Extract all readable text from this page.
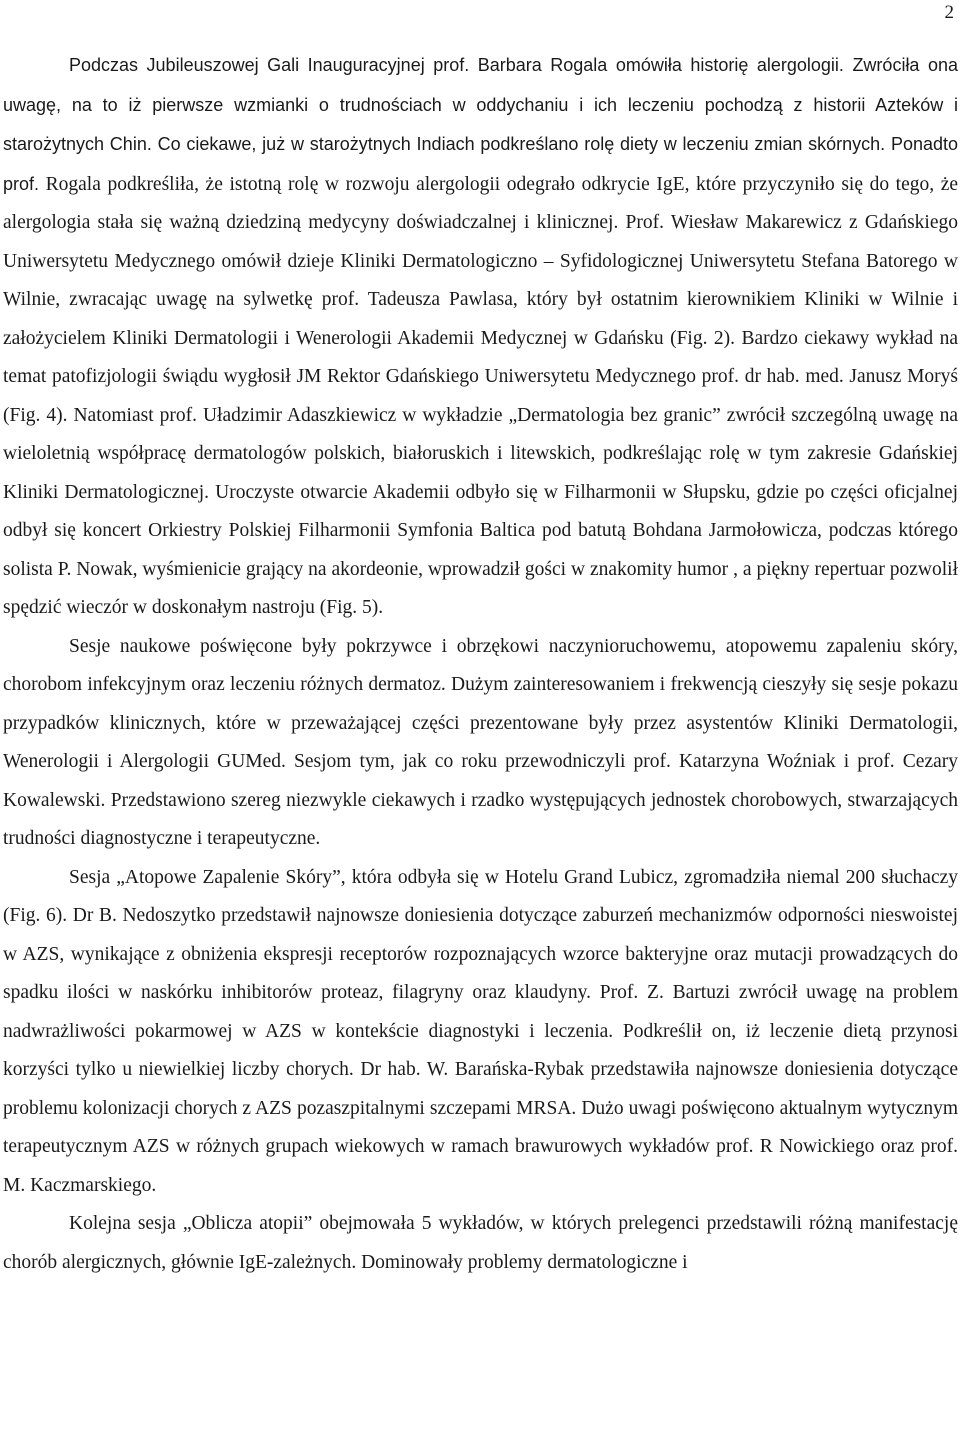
2

Podczas Jubileuszowej Gali Inauguracyjnej prof. Barbara Rogala omówiła historię alergologii. Zwróciła ona uwagę, na to iż pierwsze wzmianki o trudnościach w oddychaniu i ich leczeniu pochodzą z historii Azteków i starożytnych Chin. Co ciekawe, już w starożytnych Indiach podkreślano rolę diety w leczeniu zmian skórnych. Ponadto prof. Rogala podkreśliła, że istotną rolę w rozwoju alergologii odegrało odkrycie IgE, które przyczyniło się do tego, że alergologia stała się ważną dziedziną medycyny doświadczalnej i klinicznej. Prof. Wiesław Makarewicz z Gdańskiego Uniwersytetu Medycznego omówił dzieje Kliniki Dermatologiczno – Syfidologicznej Uniwersytetu Stefana Batorego w Wilnie, zwracając uwagę na sylwetkę prof. Tadeusza Pawlasa, który był ostatnim kierownikiem Kliniki w Wilnie i założycielem Kliniki Dermatologii i Wenerologii Akademii Medycznej w Gdańsku (Fig. 2). Bardzo ciekawy wykład na temat patofizjologii świądu wygłosił JM Rektor Gdańskiego Uniwersytetu Medycznego prof. dr hab. med. Janusz Moryś (Fig. 4). Natomiast prof. Uładzimir Adaszkiewicz w wykładzie „Dermatologia bez granic” zwrócił szczególną uwagę na wieloletnią współpracę dermatologów polskich, białoruskich i litewskich, podkreślając rolę w tym zakresie Gdańskiej Kliniki Dermatologicznej. Uroczyste otwarcie Akademii odbyło się w Filharmonii w Słupsku, gdzie po części oficjalnej odbył się koncert Orkiestry Polskiej Filharmonii Symfonia Baltica pod batutą Bohdana Jarmołowicza, podczas którego solista P. Nowak, wyśmienicie grający na akordeonie, wprowadził gości w znakomity humor , a piękny repertuar pozwolił spędzić wieczór w doskonałym nastroju (Fig. 5).

Sesje naukowe poświęcone były pokrzywce i obrzękowi naczynioruchowemu, atopowemu zapaleniu skóry, chorobom infekcyjnym oraz leczeniu różnych dermatoz. Dużym zainteresowaniem i frekwencją cieszyły się sesje pokazu przypadków klinicznych, które w przeważającej części prezentowane były przez asystentów Kliniki Dermatologii, Wenerologii i Alergologii GUMed. Sesjom tym, jak co roku przewodniczyli prof. Katarzyna Woźniak i prof. Cezary Kowalewski. Przedstawiono szereg niezwykle ciekawych i rzadko występujących jednostek chorobowych, stwarzających trudności diagnostyczne i terapeutyczne.

Sesja „Atopowe Zapalenie Skóry”, która odbyła się w Hotelu Grand Lubicz, zgromadziła niemal 200 słuchaczy (Fig. 6). Dr B. Nedoszytko przedstawił najnowsze doniesienia dotyczące zaburzeń mechanizmów odporności nieswoistej w AZS, wynikające z obniżenia ekspresji receptorów rozpoznających wzorce bakteryjne oraz mutacji prowadzących do spadku ilości w naskórku inhibitorów proteaz, filagryny oraz klaudyny. Prof. Z. Bartuzi zwrócił uwagę na problem nadwrażliwości pokarmowej w AZS w kontekście diagnostyki i leczenia. Podkreślił on, iż leczenie dietą przynosi korzyści tylko u niewielkiej liczby chorych. Dr hab. W. Barańska-Rybak przedstawiła najnowsze doniesienia dotyczące problemu kolonizacji chorych z AZS pozaszpitalnymi szczepami MRSA. Dużo uwagi poświęcono aktualnym wytycznym terapeutycznym AZS w różnych grupach wiekowych w ramach brawurowych wykładów prof. R Nowickiego oraz prof. M. Kaczmarskiego.

Kolejna sesja „Oblicza atopii” obejmowała 5 wykładów, w których prelegenci przedstawili różną manifestację chorób alergicznych, głównie IgE-zależnych. Dominowały problemy dermatologiczne i
